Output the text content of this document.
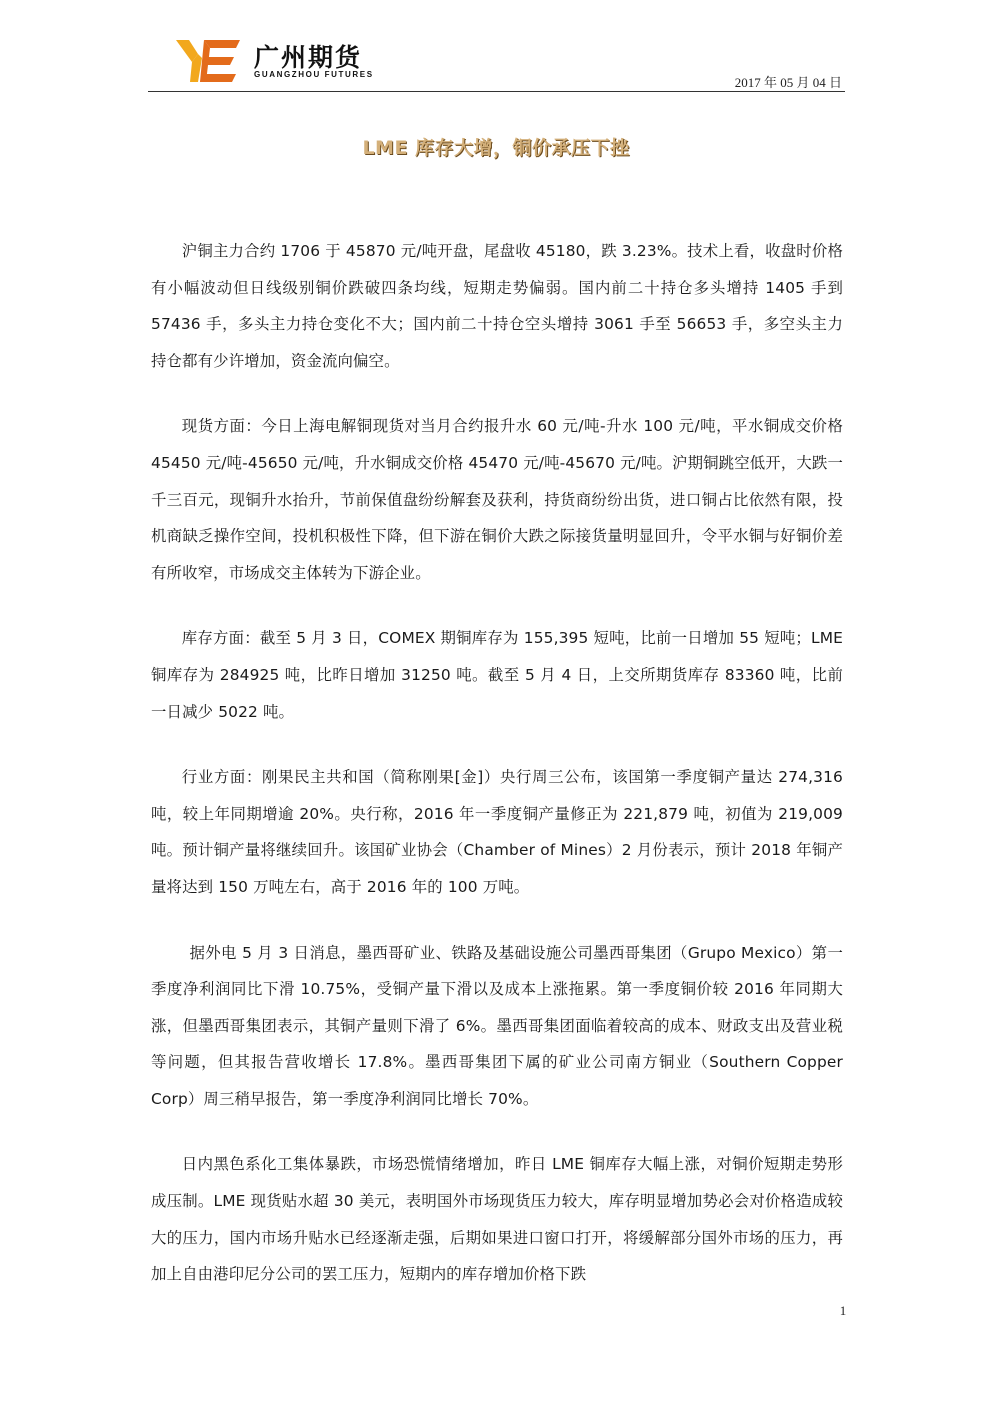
广州期货
GUANGZHOU FUTURES
2017 年 05 月 04 日
LME 库存大增，铜价承压下挫

沪铜主力合约 1706 于 45870 元/吨开盘，尾盘收 45180，跌 3.23%。技术上看，收盘时价格有小幅波动但日线级别铜价跌破四条均线，短期走势偏弱。国内前二十持仓多头增持 1405 手到 57436 手，多头主力持仓变化不大；国内前二十持仓空头增持 3061 手至 56653 手，多空头主力持仓都有少许增加，资金流向偏空。

现货方面：今日上海电解铜现货对当月合约报升水 60 元/吨-升水 100 元/吨，平水铜成交价格 45450 元/吨-45650 元/吨，升水铜成交价格 45470 元/吨-45670 元/吨。沪期铜跳空低开，大跌一千三百元，现铜升水抬升，节前保值盘纷纷解套及获利，持货商纷纷出货，进口铜占比依然有限，投机商缺乏操作空间，投机积极性下降，但下游在铜价大跌之际接货量明显回升，令平水铜与好铜价差有所收窄，市场成交主体转为下游企业。

库存方面：截至 5 月 3 日，COMEX 期铜库存为 155,395 短吨，比前一日增加 55 短吨；LME 铜库存为 284925 吨，比昨日增加 31250 吨。截至 5 月 4 日，上交所期货库存 83360 吨，比前一日减少 5022 吨。

行业方面：刚果民主共和国（简称刚果[金]）央行周三公布，该国第一季度铜产量达 274,316 吨，较上年同期增逾 20%。央行称，2016 年一季度铜产量修正为 221,879 吨，初值为 219,009 吨。预计铜产量将继续回升。该国矿业协会（Chamber of Mines）2 月份表示，预计 2018 年铜产量将达到 150 万吨左右，高于 2016 年的 100 万吨。

据外电 5 月 3 日消息，墨西哥矿业、铁路及基础设施公司墨西哥集团（Grupo Mexico）第一季度净利润同比下滑 10.75%，受铜产量下滑以及成本上涨拖累。第一季度铜价较 2016 年同期大涨，但墨西哥集团表示，其铜产量则下滑了 6%。墨西哥集团面临着较高的成本、财政支出及营业税等问题，但其报告营收增长 17.8%。墨西哥集团下属的矿业公司南方铜业（Southern Copper Corp）周三稍早报告，第一季度净利润同比增长 70%。

日内黑色系化工集体暴跌，市场恐慌情绪增加，昨日 LME 铜库存大幅上涨，对铜价短期走势形成压制。LME 现货贴水超 30 美元，表明国外市场现货压力较大，库存明显增加势必会对价格造成较大的压力，国内市场升贴水已经逐渐走强，后期如果进口窗口打开，将缓解部分国外市场的压力，再加上自由港印尼分公司的罢工压力，短期内的库存增加价格下跌

1
